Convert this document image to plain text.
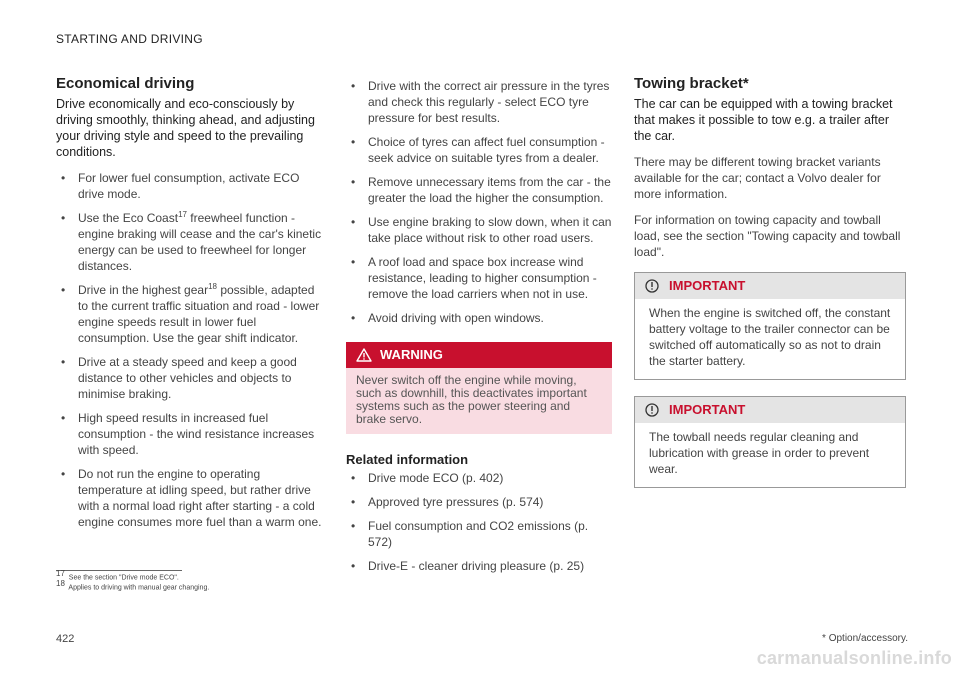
STARTING AND DRIVING
Economical driving
Drive economically and eco-consciously by driving smoothly, thinking ahead, and adjusting your driving style and speed to the prevailing conditions.
• For lower fuel consumption, activate ECO drive mode.
• Use the Eco Coast$^{17}$ freewheel function - engine braking will cease and the car's kinetic energy can be used to freewheel for longer distances.
• Drive in the highest gear$^{18}$ possible, adapted to the current traffic situation and road - lower engine speeds result in lower fuel consumption. Use the gear shift indicator.
• Drive at a steady speed and keep a good distance to other vehicles and objects to minimise braking.
• High speed results in increased fuel consumption - the wind resistance increases with speed.
• Do not run the engine to operating temperature at idling speed, but rather drive with a normal load right after starting - a cold engine consumes more fuel than a warm one.
• Drive with the correct air pressure in the tyres and check this regularly - select ECO tyre pressure for best results.
• Choice of tyres can affect fuel consumption - seek advice on suitable tyres from a dealer.
• Remove unnecessary items from the car - the greater the load the higher the consumption.
• Use engine braking to slow down, when it can take place without risk to other road users.
• A roof load and space box increase wind resistance, leading to higher consumption - remove the load carriers when not in use.
• Avoid driving with open windows.
WARNING
Never switch off the engine while moving, such as downhill, this deactivates important systems such as the power steering and brake servo.
Related information
• Drive mode ECO (p. 402)
• Approved tyre pressures (p. 574)
• Fuel consumption and CO2 emissions (p. 572)
• Drive-E - cleaner driving pleasure (p. 25)
Towing bracket*
The car can be equipped with a towing bracket that makes it possible to tow e.g. a trailer after the car.

There may be different towing bracket variants available for the car; contact a Volvo dealer for more information.

For information on towing capacity and towball load, see the section "Towing capacity and towball load".

IMPORTANT
When the engine is switched off, the constant battery voltage to the trailer connector can be switched off automatically so as not to drain the starter battery.
IMPORTANT
The towball needs regular cleaning and lubrication with grease in order to prevent wear.
$^{17}$ See the section "Drive mode ECO".
$^{18}$ Applies to driving with manual gear changing.
422	* Option/accessory.
carmanualsonline.info
